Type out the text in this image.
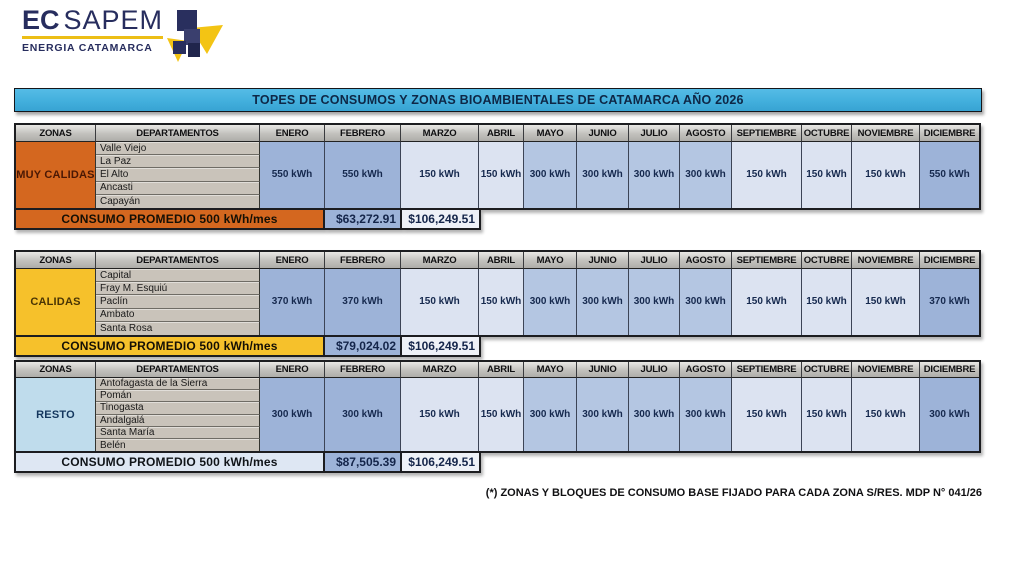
EC SAPEM
ENERGIA CATAMARCA
TOPES DE CONSUMOS Y ZONAS BIOAMBIENTALES DE CATAMARCA AÑO 2026
ZONAS	DEPARTAMENTOS	ENERO	FEBRERO	MARZO	ABRIL	MAYO	JUNIO	JULIO	AGOSTO	SEPTIEMBRE OCTUBRE NOVIEMBRE	DICIEMBRE
MUY CALIDAS
Valle Viejo
La Paz
El Alto
Ancasti
Capayán
550 kWh	550 kWh	150 kWh	150 kWh 300 kWh	300 kWh	300 kWh	300 kWh	150 kWh	150 kWh	150 kWh	550 kWh
CONSUMO PROMEDIO 500 kWh/mes	$63,272.91	$106,249.51
ZONAS	DEPARTAMENTOS	ENERO	FEBRERO	MARZO	ABRIL	MAYO	JUNIO	JULIO	AGOSTO	SEPTIEMBRE OCTUBRE NOVIEMBRE	DICIEMBRE
CALIDAS
Capital
Fray M. Esquiú
Paclín
Ambato
Santa Rosa
370 kWh	370 kWh	150 kWh	150 kWh 300 kWh	300 kWh	300 kWh	300 kWh	150 kWh	150 kWh	150 kWh	370 kWh
CONSUMO PROMEDIO 500 kWh/mes	$79,024.02	$106,249.51
ZONAS	DEPARTAMENTOS	ENERO	FEBRERO	MARZO	ABRIL	MAYO	JUNIO	JULIO	AGOSTO	SEPTIEMBRE OCTUBRE NOVIEMBRE	DICIEMBRE
RESTO
Antofagasta de la Sierra
Pomán
Tinogasta
Andalgalá
Santa María
Belén
300 kWh	300 kWh	150 kWh	150 kWh 300 kWh	300 kWh	300 kWh	300 kWh	150 kWh	150 kWh	150 kWh	300 kWh
CONSUMO PROMEDIO 500 kWh/mes	$87,505.39	$106,249.51
(*) ZONAS Y BLOQUES DE CONSUMO BASE FIJADO PARA CADA ZONA S/RES. MDP N° 041/26
